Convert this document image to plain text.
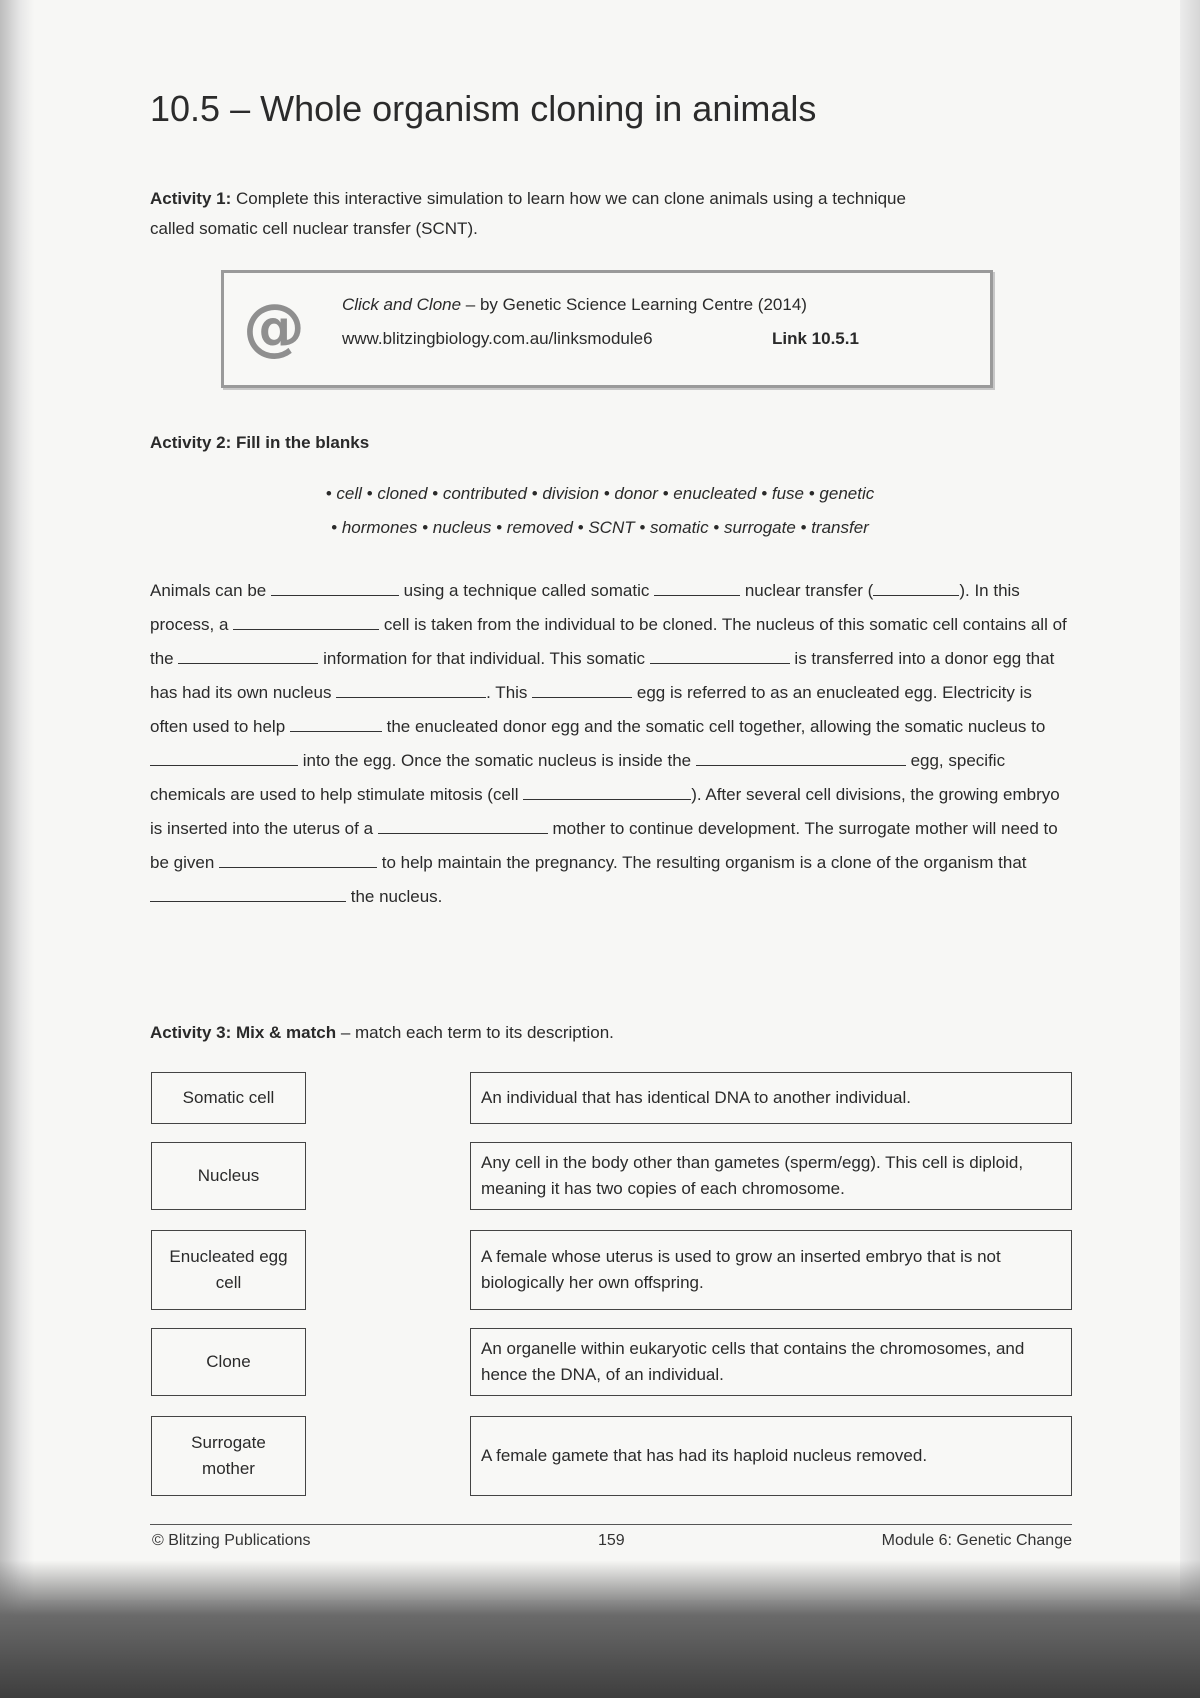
10.5 – Whole organism cloning in animals
Activity 1: Complete this interactive simulation to learn how we can clone animals using a technique
called somatic cell nuclear transfer (SCNT).
@ Click and Clone – by Genetic Science Learning Centre (2014)
www.blitzingbiology.com.au/linksmodule6	Link 10.5.1
Activity 2: Fill in the blanks
• cell • cloned • contributed • division • donor • enucleated • fuse • genetic
• hormones • nucleus • removed • SCNT • somatic • surrogate • transfer
Animals can be	using a technique called somatic	nuclear transfer (	). In this process, a	cell is taken from the individual to be cloned. The nucleus of this somatic cell contains all of the	information for that individual. This somatic	is transferred into a donor egg that has had its own nucleus	. This	egg is referred to as an enucleated egg. Electricity is often used to help	the enucleated donor egg and the somatic cell together, allowing the somatic nucleus to  into the egg. Once the somatic nucleus is inside the	egg, specific chemicals are used to help stimulate mitosis (cell	). After several cell divisions, the growing embryo is inserted into the uterus of a	mother to continue development. The surrogate mother will need to be given	to help maintain the pregnancy. The resulting organism is a clone of the organism that  the nucleus.
Activity 3: Mix & match – match each term to its description.
Somatic cell
Nucleus
Enucleated egg cell
Clone
Surrogate mother
An individual that has identical DNA to another individual.
Any cell in the body other than gametes (sperm/egg). This cell is diploid, meaning it has two copies of each chromosome.
A female whose uterus is used to grow an inserted embryo that is not biologically her own offspring.
An organelle within eukaryotic cells that contains the chromosomes, and hence the DNA, of an individual.
A female gamete that has had its haploid nucleus removed.
© Blitzing Publications	159	Module 6: Genetic Change
